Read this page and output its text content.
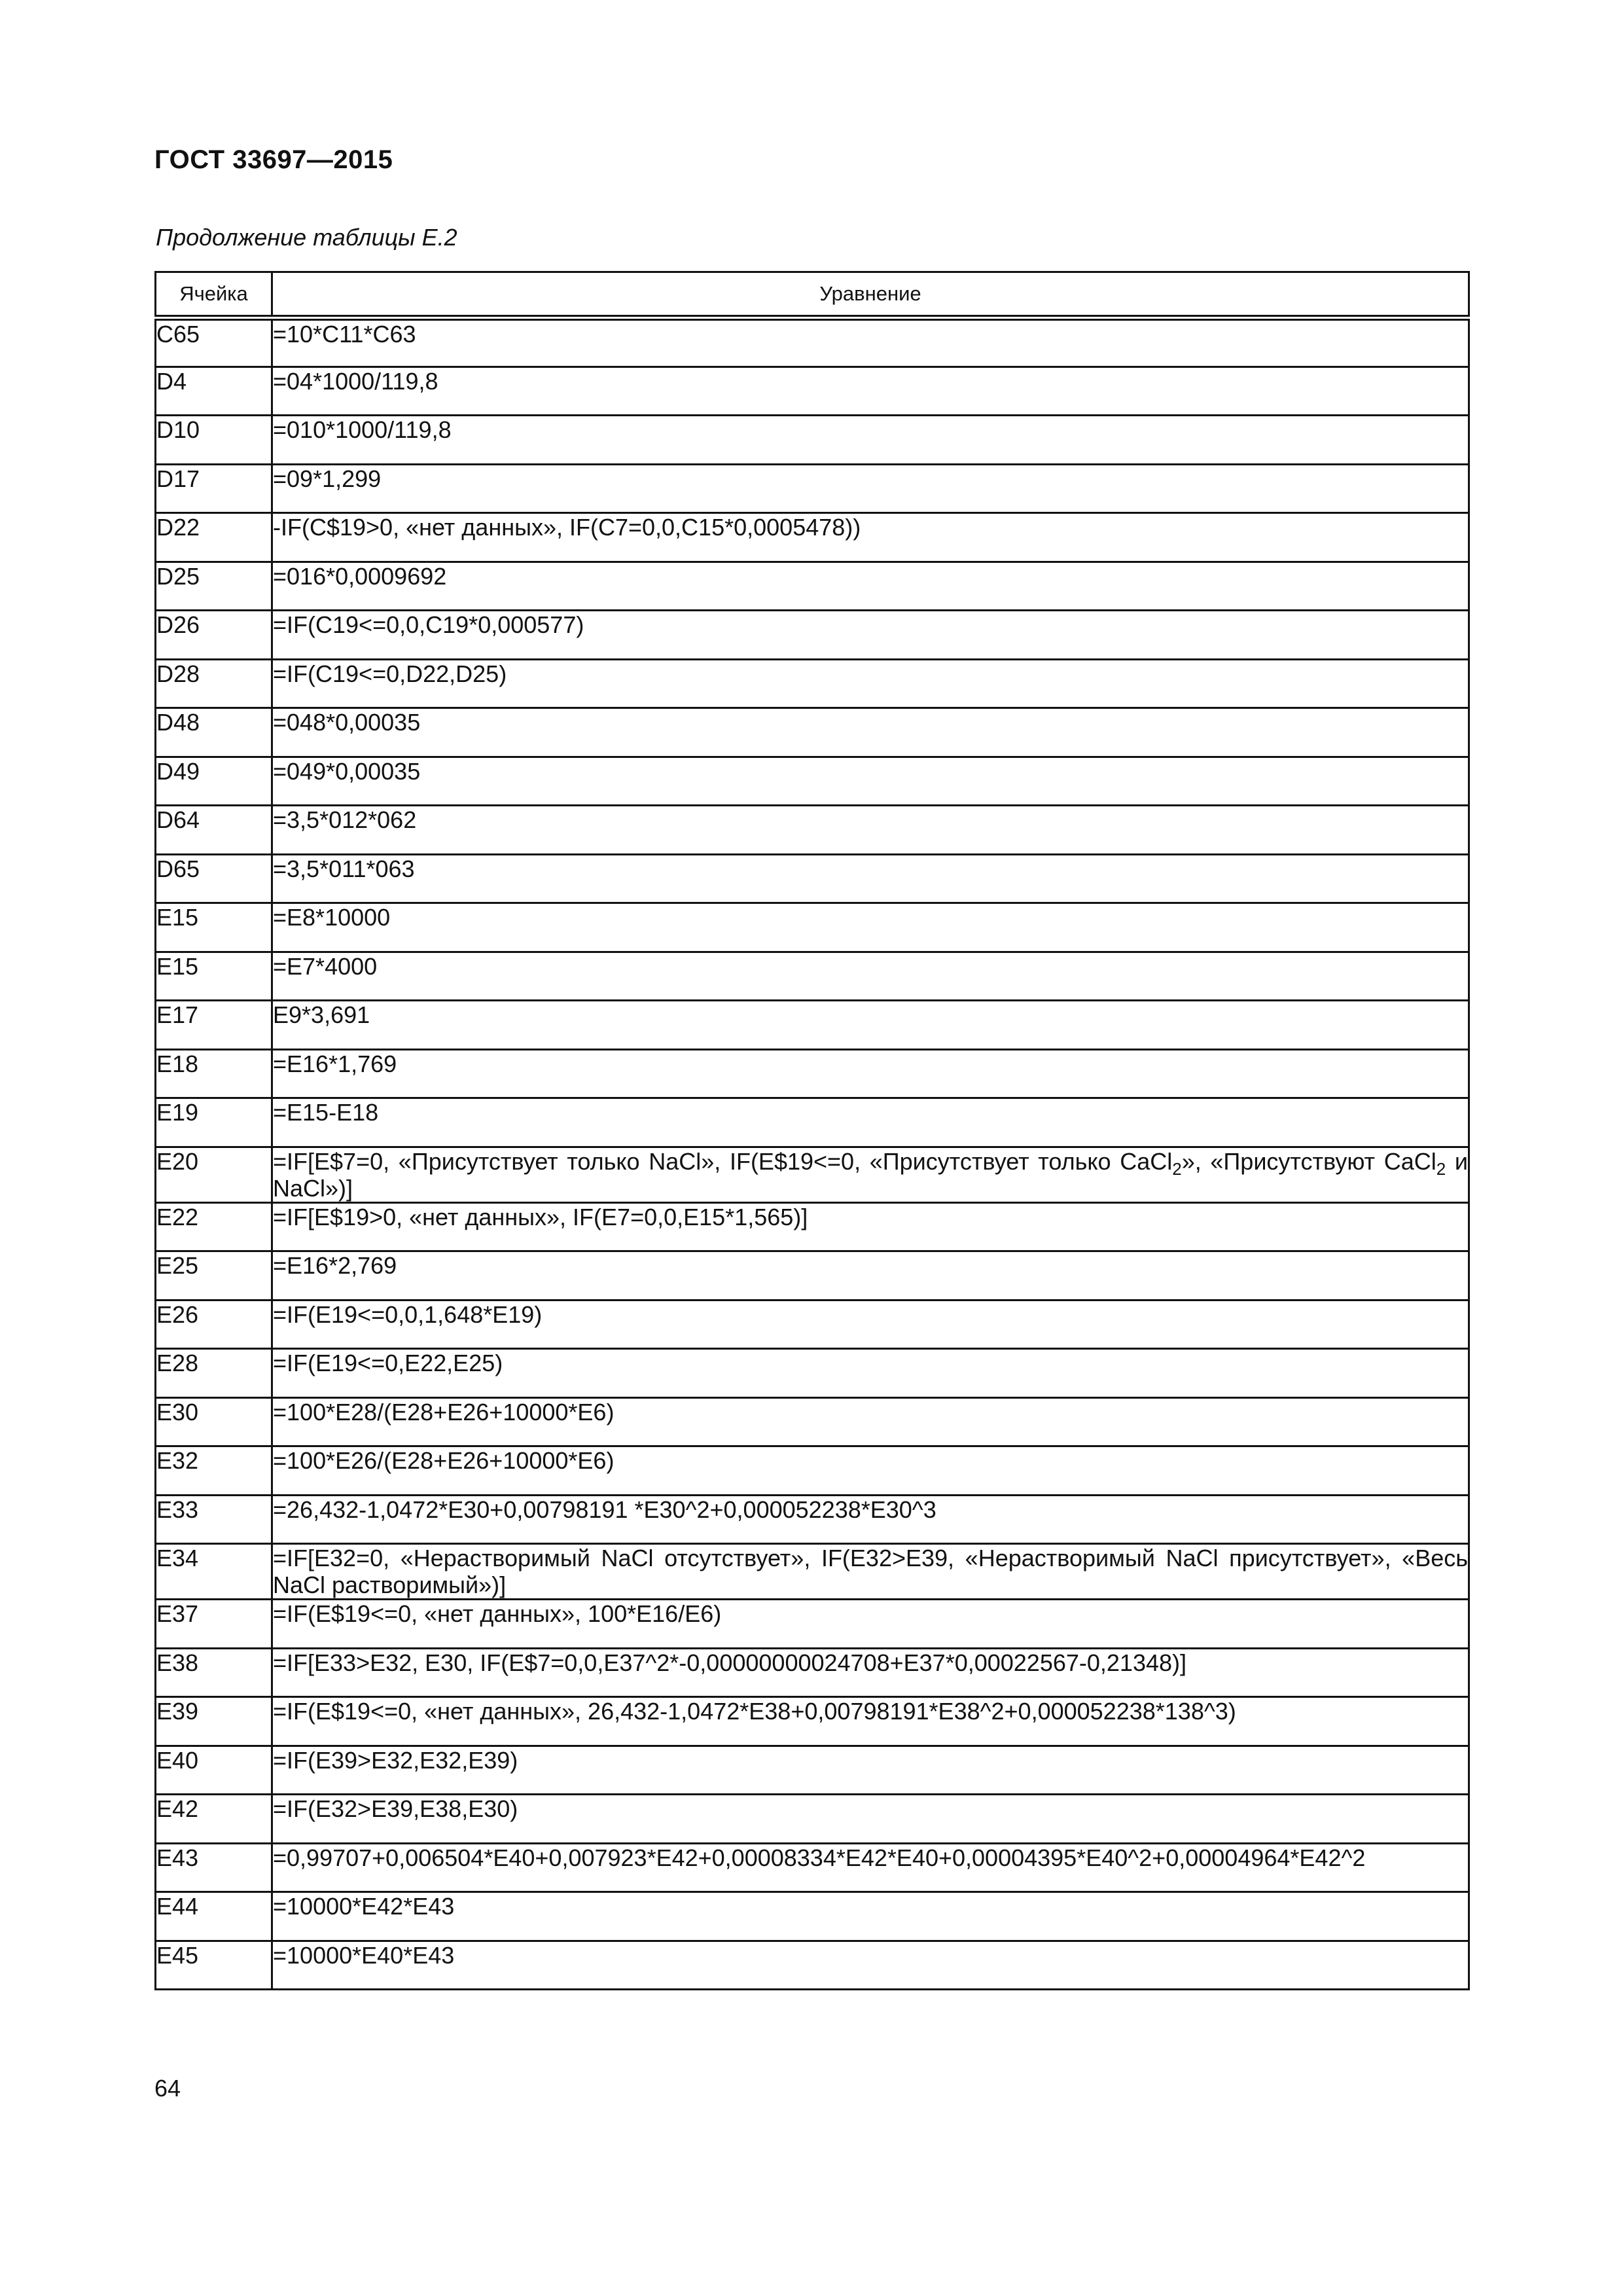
ГОСТ 33697—2015
Продолжение таблицы Е.2
Ячейка	Уравнение
C65	=10*C11*C63
D4	=04*1000/119,8
D10	=010*1000/119,8
D17	=09*1,299
D22	-IF(C$19>0, «нет данных», IF(C7=0,0,C15*0,0005478))
D25	=016*0,0009692
D26	=IF(C19<=0,0,C19*0,000577)
D28	=IF(C19<=0,D22,D25)
D48	=048*0,00035
D49	=049*0,00035
D64	=3,5*012*062
D65	=3,5*011*063
E15	=E8*10000
E15	=E7*4000
E17	E9*3,691
E18	=E16*1,769
E19	=E15-E18
E20	=IF[E$7=0, «Присутствует только NaCl», IF(E$19<=0, «Присутствует только CaCl$_2$», «Присутствуют CaCl$_2$ и NaCl»)]
E22	=IF[E$19>0, «нет данных», IF(E7=0,0,E15*1,565)]
E25	=E16*2,769
E26	=IF(E19<=0,0,1,648*E19)
E28	=IF(E19<=0,E22,E25)
E30	=100*E28/(E28+E26+10000*E6)
E32	=100*E26/(E28+E26+10000*E6)
E33	=26,432-1,0472*E30+0,00798191 *E30^2+0,000052238*E30^3
E34	=IF[E32=0, «Нерастворимый NaCl отсутствует», IF(E32>E39, «Нерастворимый NaCl присутствует», «Весь NaCl растворимый»)]
E37	=IF(E$19<=0, «нет данных», 100*E16/E6)
E38	=IF[E33>E32, E30, IF(E$7=0,0,E37^2*-0,00000000024708+E37*0,00022567-0,21348)]
E39	=IF(E$19<=0, «нет данных», 26,432-1,0472*E38+0,00798191*E38^2+0,000052238*138^3)
E40	=IF(E39>E32,E32,E39)
E42	=IF(E32>E39,E38,E30)
E43	=0,99707+0,006504*E40+0,007923*E42+0,00008334*E42*E40+0,00004395*E40^2+0,00004964*E42^2
E44	=10000*E42*E43
E45	=10000*E40*E43
64
